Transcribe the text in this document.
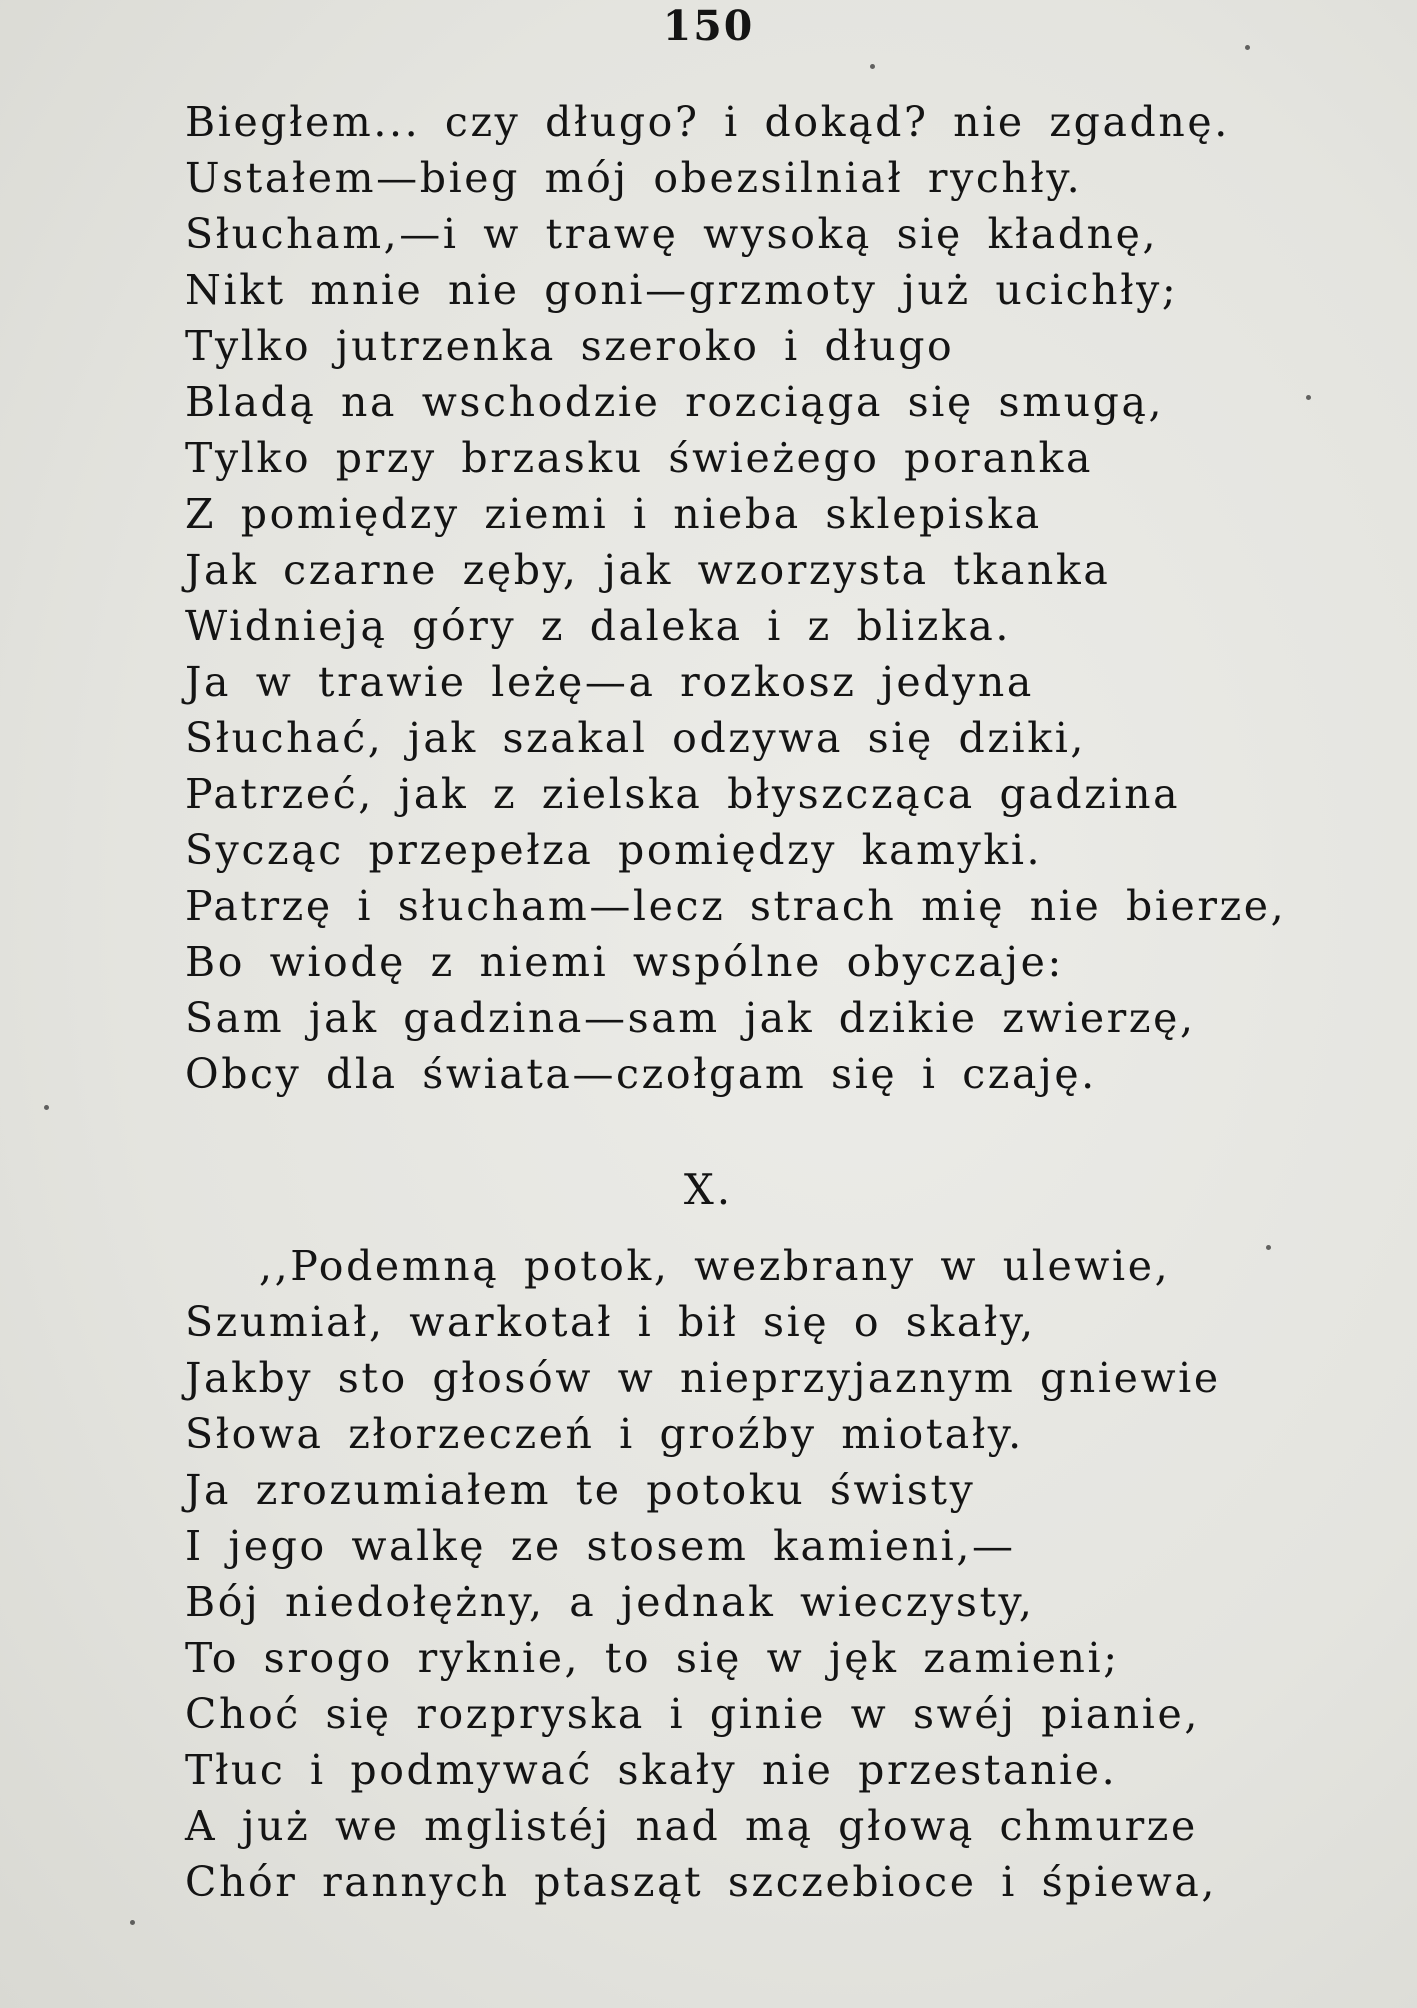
150
Biegłem... czy długo? i dokąd? nie zgadnę.
Ustałem—bieg mój obezsilniał rychły.
Słucham,—i w trawę wysoką się kładnę,
Nikt mnie nie goni—grzmoty już ucichły;
Tylko jutrzenka szeroko i długo
Bladą na wschodzie rozciąga się smugą,
Tylko przy brzasku świeżego poranka
Z pomiędzy ziemi i nieba sklepiska
Jak czarne zęby, jak wzorzysta tkanka
Widnieją góry z daleka i z blizka.
Ja w trawie leżę—a rozkosz jedyna
Słuchać, jak szakal odzywa się dziki,
Patrzeć, jak z zielska błyszcząca gadzina
Sycząc przepełza pomiędzy kamyki.
Patrzę i słucham—lecz strach mię nie bierze,
Bo wiodę z niemi wspólne obyczaje:
Sam jak gadzina—sam jak dzikie zwierzę,
Obcy dla świata—czołgam się i czaję.
X.
,,Podemną potok, wezbrany w ulewie,
Szumiał, warkotał i bił się o skały,
Jakby sto głosów w nieprzyjaznym gniewie
Słowa złorzeczeń i groźby miotały.
Ja zrozumiałem te potoku świsty
I jego walkę ze stosem kamieni,—
Bój niedołężny, a jednak wieczysty,
To srogo ryknie, to się w jęk zamieni;
Choć się rozpryska i ginie w swéj pianie,
Tłuc i podmywać skały nie przestanie.
A już we mglistéj nad mą głową chmurze
Chór rannych ptasząt szczebioce i śpiewa,
